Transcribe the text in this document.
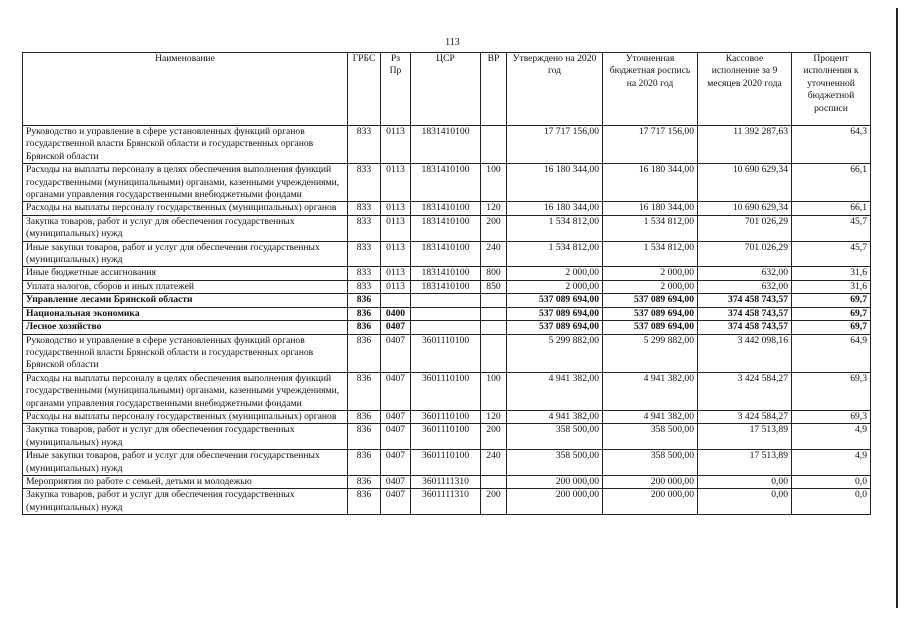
113
Наименование	ГРБС	Рз Пр	ЦСР	ВР	Утверждено на 2020 год	Уточненная бюджетная роспись на 2020 год	Кассовое исполнение за 9 месяцев 2020 года	Процент исполнения к уточненной бюджетной росписи
Руководство и управление в сфере установленных функций органов государственной власти Брянской области и государственных органов Брянской области	833	0113	1831410100		17 717 156,00	17 717 156,00	11 392 287,63	64,3
Расходы на выплаты персоналу в целях обеспечения выполнения функций государственными (муниципальными) органами, казенными учреждениями, органами управления государственными внебюджетными фондами	833	0113	1831410100	100	16 180 344,00	16 180 344,00	10 690 629,34	66,1
Расходы на выплаты персоналу государственных (муниципальных) органов	833	0113	1831410100	120	16 180 344,00	16 180 344,00	10 690 629,34	66,1
Закупка товаров, работ и услуг для обеспечения государственных (муниципальных) нужд	833	0113	1831410100	200	1 534 812,00	1 534 812,00	701 026,29	45,7
Иные закупки товаров, работ и услуг для обеспечения государственных (муниципальных) нужд	833	0113	1831410100	240	1 534 812,00	1 534 812,00	701 026,29	45,7
Иные бюджетные ассигнования	833	0113	1831410100	800	2 000,00	2 000,00	632,00	31,6
Уплата налогов, сборов и иных платежей	833	0113	1831410100	850	2 000,00	2 000,00	632,00	31,6
Управление лесами Брянской области	836				537 089 694,00	537 089 694,00	374 458 743,57	69,7
Национальная экономика	836	0400			537 089 694,00	537 089 694,00	374 458 743,57	69,7
Лесное хозяйство	836	0407			537 089 694,00	537 089 694,00	374 458 743,57	69,7
Руководство и управление в сфере установленных функций органов государственной власти Брянской области и государственных органов Брянской области	836	0407	3601110100		5 299 882,00	5 299 882,00	3 442 098,16	64,9
Расходы на выплаты персоналу в целях обеспечения выполнения функций государственными (муниципальными) органами, казенными учреждениями, органами управления государственными внебюджетными фондами	836	0407	3601110100	100	4 941 382,00	4 941 382,00	3 424 584,27	69,3
Расходы на выплаты персоналу государственных (муниципальных) органов	836	0407	3601110100	120	4 941 382,00	4 941 382,00	3 424 584,27	69,3
Закупка товаров, работ и услуг для обеспечения государственных (муниципальных) нужд	836	0407	3601110100	200	358 500,00	358 500,00	17 513,89	4,9
Иные закупки товаров, работ и услуг для обеспечения государственных (муниципальных) нужд	836	0407	3601110100	240	358 500,00	358 500,00	17 513,89	4,9
Мероприятия по работе с семьей, детьми и молодежью	836	0407	3601111310		200 000,00	200 000,00	0,00	0,0
Закупка товаров, работ и услуг для обеспечения государственных (муниципальных) нужд	836	0407	3601111310	200	200 000,00	200 000,00	0,00	0,0
